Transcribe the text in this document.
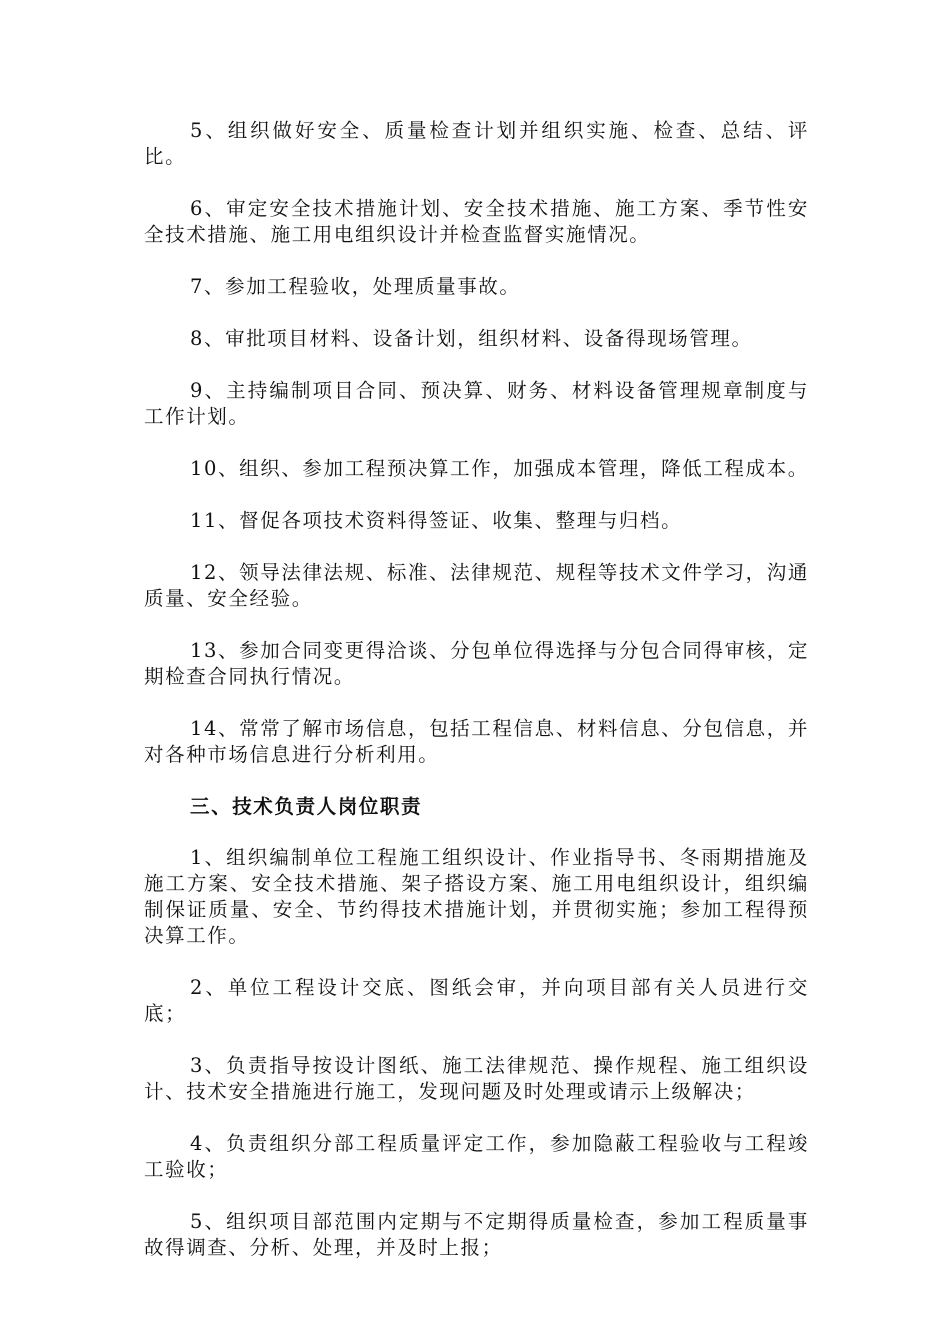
5、组织做好安全、质量检查计划并组织实施、检查、总结、评比。

6、审定安全技术措施计划、安全技术措施、施工方案、季节性安全技术措施、施工用电组织设计并检查监督实施情况。

7、参加工程验收，处理质量事故。

8、审批项目材料、设备计划，组织材料、设备得现场管理。

9、主持编制项目合同、预决算、财务、材料设备管理规章制度与工作计划。

10、组织、参加工程预决算工作，加强成本管理，降低工程成本。

11、督促各项技术资料得签证、收集、整理与归档。

12、领导法律法规、标准、法律规范、规程等技术文件学习，沟通质量、安全经验。

13、参加合同变更得洽谈、分包单位得选择与分包合同得审核，定期检查合同执行情况。

14、常常了解市场信息，包括工程信息、材料信息、分包信息，并对各种市场信息进行分析利用。

三、技术负责人岗位职责

1、组织编制单位工程施工组织设计、作业指导书、冬雨期措施及施工方案、安全技术措施、架子搭设方案、施工用电组织设计，组织编制保证质量、安全、节约得技术措施计划，并贯彻实施；参加工程得预决算工作。

2、单位工程设计交底、图纸会审，并向项目部有关人员进行交底；

3、负责指导按设计图纸、施工法律规范、操作规程、施工组织设计、技术安全措施进行施工，发现问题及时处理或请示上级解决；

4、负责组织分部工程质量评定工作，参加隐蔽工程验收与工程竣工验收；

5、组织项目部范围内定期与不定期得质量检查，参加工程质量事故得调查、分析、处理，并及时上报；
